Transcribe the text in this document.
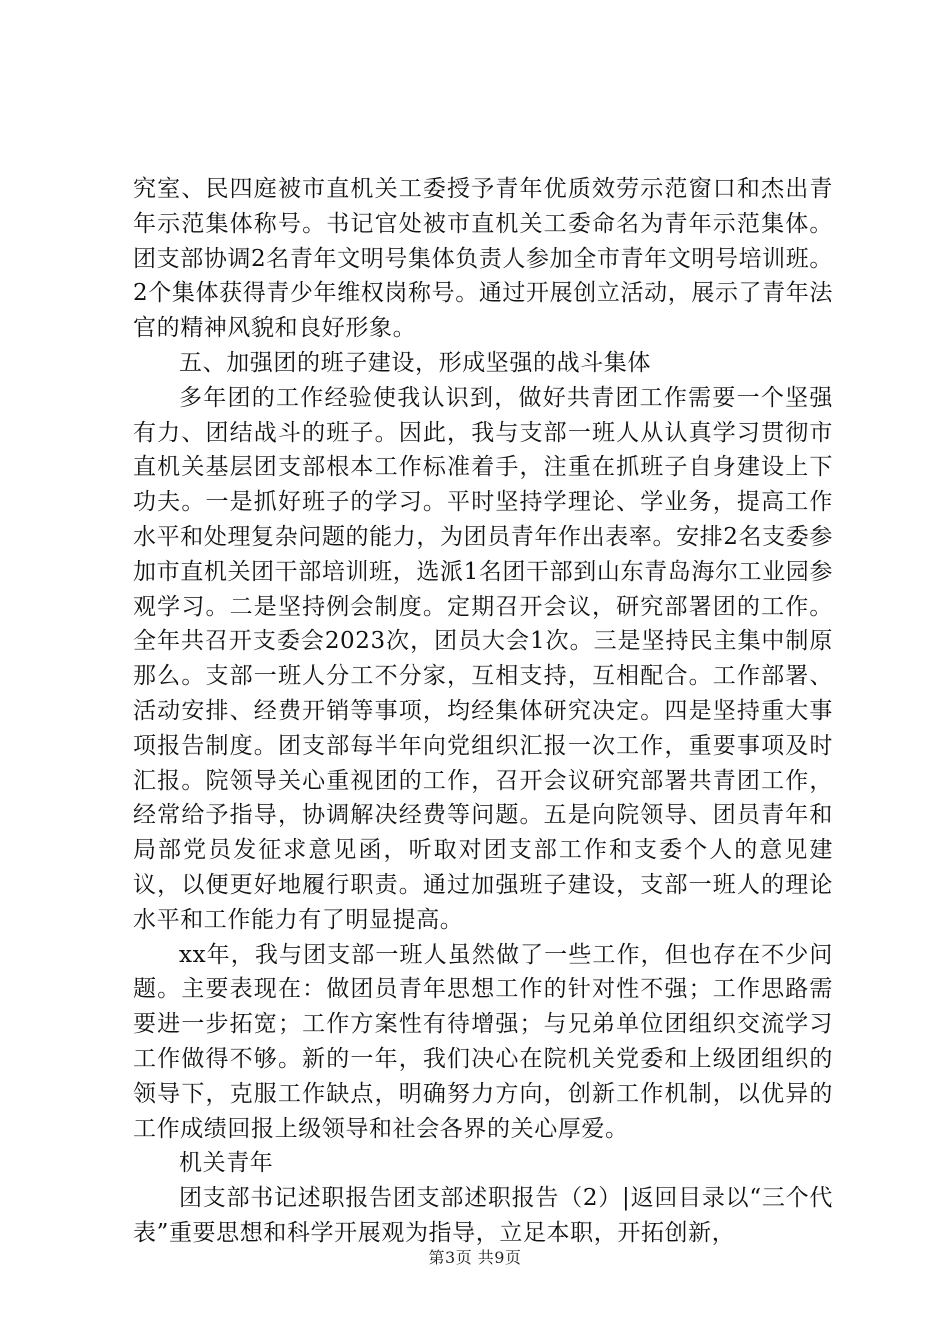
究室、民四庭被市直机关工委授予青年优质效劳示范窗口和杰出青年示范集体称号。书记官处被市直机关工委命名为青年示范集体。团支部协调2名青年文明号集体负责人参加全市青年文明号培训班。2个集体获得青少年维权岗称号。通过开展创立活动，展示了青年法官的精神风貌和良好形象。

五、加强团的班子建设，形成坚强的战斗集体

多年团的工作经验使我认识到，做好共青团工作需要一个坚强有力、团结战斗的班子。因此，我与支部一班人从认真学习贯彻市直机关基层团支部根本工作标准着手，注重在抓班子自身建设上下功夫。一是抓好班子的学习。平时坚持学理论、学业务，提高工作水平和处理复杂问题的能力，为团员青年作出表率。安排2名支委参加市直机关团干部培训班，选派1名团干部到山东青岛海尔工业园参观学习。二是坚持例会制度。定期召开会议，研究部署团的工作。全年共召开支委会2023次，团员大会1次。三是坚持民主集中制原那么。支部一班人分工不分家，互相支持，互相配合。工作部署、活动安排、经费开销等事项，均经集体研究决定。四是坚持重大事项报告制度。团支部每半年向党组织汇报一次工作，重要事项及时汇报。院领导关心重视团的工作，召开会议研究部署共青团工作，经常给予指导，协调解决经费等问题。五是向院领导、团员青年和局部党员发征求意见函，听取对团支部工作和支委个人的意见建议，以便更好地履行职责。通过加强班子建设，支部一班人的理论水平和工作能力有了明显提高。

xx年，我与团支部一班人虽然做了一些工作，但也存在不少问题。主要表现在：做团员青年思想工作的针对性不强；工作思路需要进一步拓宽；工作方案性有待增强；与兄弟单位团组织交流学习工作做得不够。新的一年，我们决心在院机关党委和上级团组织的领导下，克服工作缺点，明确努力方向，创新工作机制，以优异的工作成绩回报上级领导和社会各界的关心厚爱。

机关青年

团支部书记述职报告团支部述职报告（2）|返回目录以“三个代表”重要思想和科学开展观为指导，立足本职，开拓创新，

第3页 共9页
